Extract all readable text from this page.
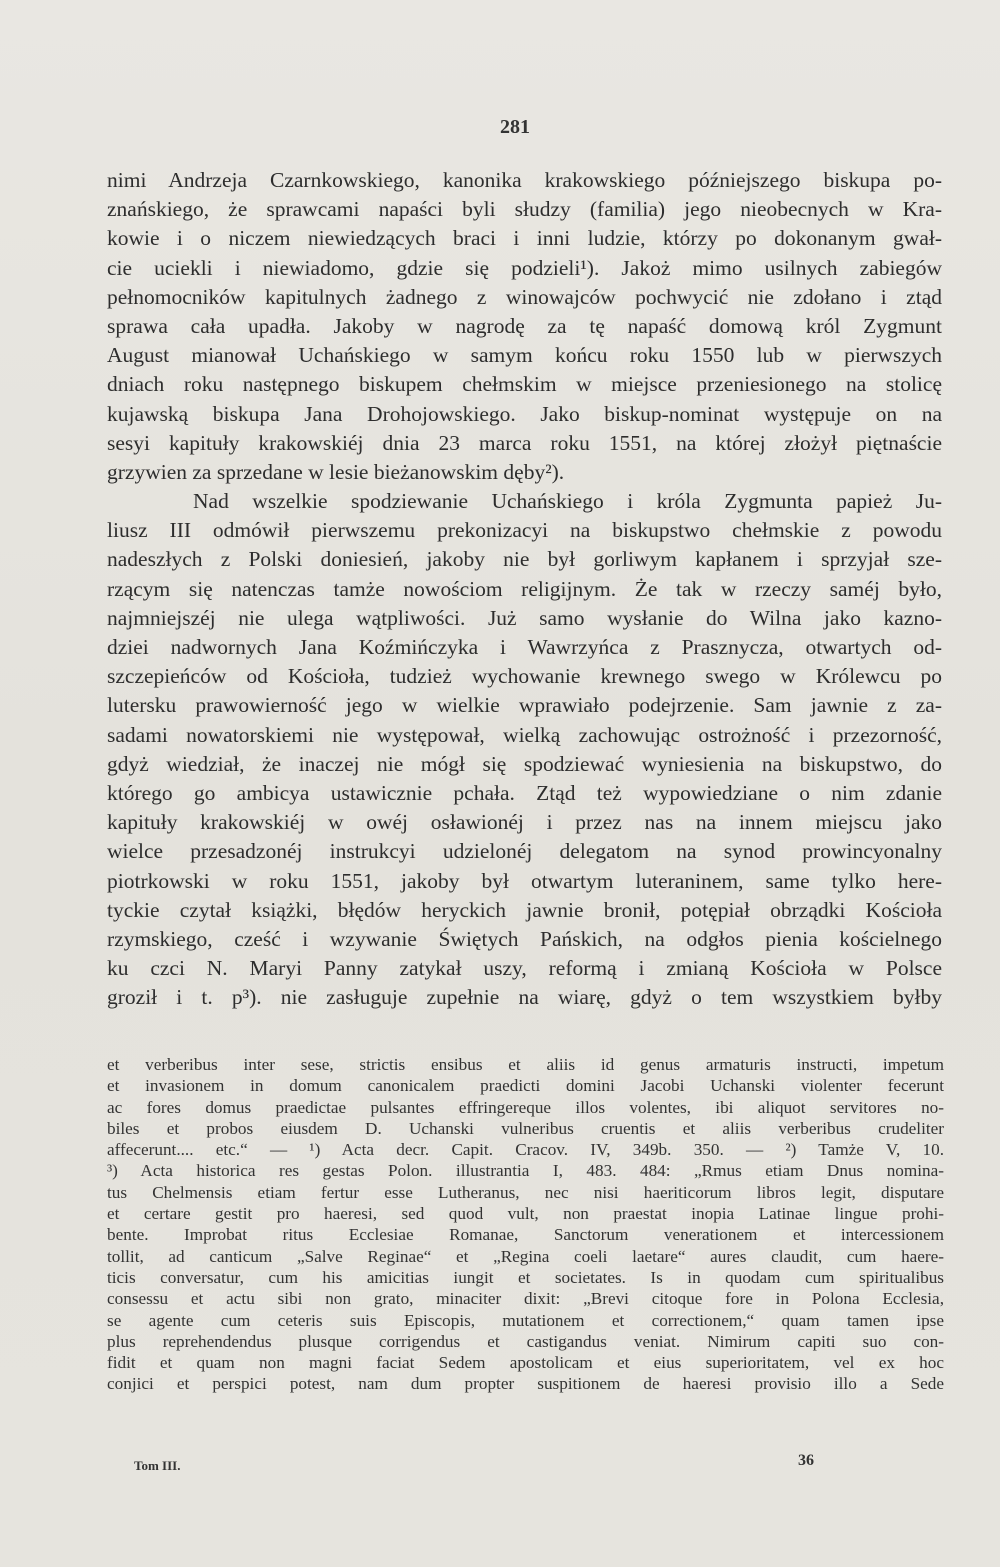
281
nimi Andrzeja Czarnkowskiego, kanonika krakowskiego późniejszego biskupa po-
znańskiego, że sprawcami napaści byli słudzy (familia) jego nieobecnych w Kra-
kowie i o niczem niewiedzących braci i inni ludzie, którzy po dokonanym gwał-
cie uciekli i niewiadomo, gdzie się podzieli¹). Jakoż mimo usilnych zabiegów
pełnomocników kapitulnych żadnego z winowajców pochwycić nie zdołano i ztąd
sprawa cała upadła. Jakoby w nagrodę za tę napaść domową król Zygmunt
August mianował Uchańskiego w samym końcu roku 1550 lub w pierwszych
dniach roku następnego biskupem chełmskim w miejsce przeniesionego na stolicę
kujawską biskupa Jana Drohojowskiego. Jako biskup-nominat występuje on na
sesyi kapituły krakowskiéj dnia 23 marca roku 1551, na której złożył piętnaście
grzywien za sprzedane w lesie bieżanowskim dęby²).
Nad wszelkie spodziewanie Uchańskiego i króla Zygmunta papież Ju-
liusz III odmówił pierwszemu prekonizacyi na biskupstwo chełmskie z powodu
nadeszłych z Polski doniesień, jakoby nie był gorliwym kapłanem i sprzyjał sze-
rzącym się natenczas tamże nowościom religijnym. Że tak w rzeczy saméj było,
najmniejszéj nie ulega wątpliwości. Już samo wysłanie do Wilna jako kazno-
dziei nadwornych Jana Koźmińczyka i Wawrzyńca z Prasznycza, otwartych od-
szczepieńców od Kościoła, tudzież wychowanie krewnego swego w Królewcu po
lutersku prawowierność jego w wielkie wprawiało podejrzenie. Sam jawnie z za-
sadami nowatorskiemi nie występował, wielką zachowując ostrożność i przezorność,
gdyż wiedział, że inaczej nie mógł się spodziewać wyniesienia na biskupstwo, do
którego go ambicya ustawicznie pchała. Ztąd też wypowiedziane o nim zdanie
kapituły krakowskiéj w owéj osławionéj i przez nas na innem miejscu jako
wielce przesadzonéj instrukcyi udzielonéj delegatom na synod prowincyonalny
piotrkowski w roku 1551, jakoby był otwartym luteraninem, same tylko here-
tyckie czytał książki, błędów heryckich jawnie bronił, potępiał obrządki Kościoła
rzymskiego, cześć i wzywanie Świętych Pańskich, na odgłos pienia kościelnego
ku czci N. Maryi Panny zatykał uszy, reformą i zmianą Kościoła w Polsce
groził i t. p³). nie zasługuje zupełnie na wiarę, gdyż o tem wszystkiem byłby
et verberibus inter sese, strictis ensibus et aliis id genus armaturis instructi, impetum
et invasionem in domum canonicalem praedicti domini Jacobi Uchanski violenter fecerunt
ac fores domus praedictae pulsantes effringereque illos volentes, ibi aliquot servitores no-
biles et probos eiusdem D. Uchanski vulneribus cruentis et aliis verberibus crudeliter
affecerunt.... etc.“ — ¹) Acta decr. Capit. Cracov. IV, 349b. 350. — ²) Tamże V, 10.
³) Acta historica res gestas Polon. illustrantia I, 483. 484: „Rmus etiam Dnus nomina-
tus Chelmensis etiam fertur esse Lutheranus, nec nisi haeriticorum libros legit, disputare
et certare gestit pro haeresi, sed quod vult, non praestat inopia Latinae lingue prohi-
bente. Improbat ritus Ecclesiae Romanae, Sanctorum venerationem et intercessionem
tollit, ad canticum „Salve Reginae“ et „Regina coeli laetare“ aures claudit, cum haere-
ticis conversatur, cum his amicitias iungit et societates. Is in quodam cum spiritualibus
consessu et actu sibi non grato, minaciter dixit: „Brevi citoque fore in Polona Ecclesia,
se agente cum ceteris suis Episcopis, mutationem et correctionem,“ quam tamen ipse
plus reprehendendus plusque corrigendus et castigandus veniat. Nimirum capiti suo con-
fidit et quam non magni faciat Sedem apostolicam et eius superioritatem, vel ex hoc
conjici et perspici potest, nam dum propter suspitionem de haeresi provisio illo a Sede
Tom III.	36
